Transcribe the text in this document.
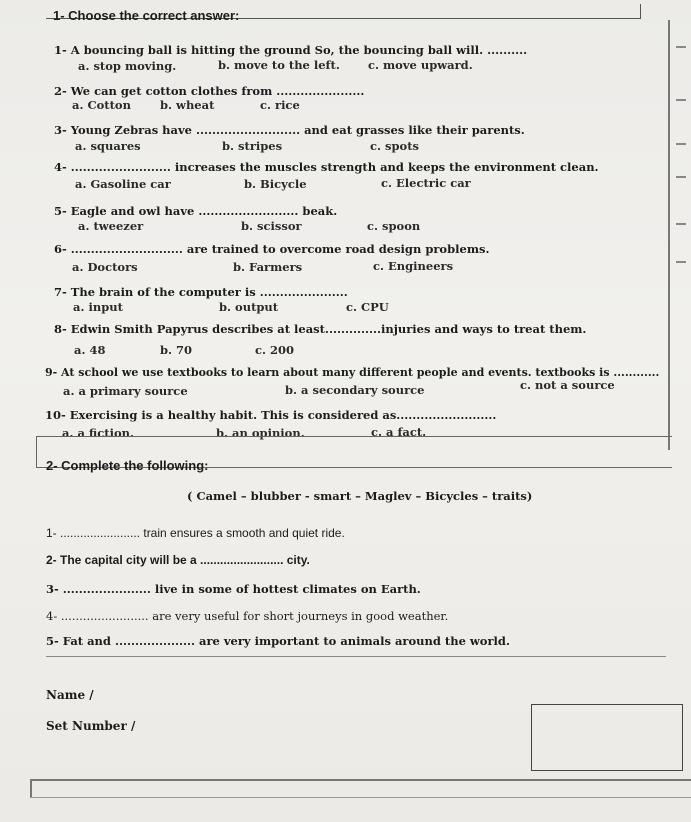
1- Choose the correct answer:
1- A bouncing ball is hitting the ground So, the bouncing ball will. ..........
a. stop moving.	b. move to the left. c. move upward.
2- We can get cotton clothes from ......................
a. Cotton	b. wheat	c. rice
3- Young Zebras have .......................... and eat grasses like their parents.
a. squares	b. stripes	c. spots
4- ......................... increases the muscles strength and keeps the environment clean.
a. Gasoline car	b. Bicycle	c. Electric car
5- Eagle and owl have ......................... beak.
a. tweezer	b. scissor	c. spoon
6- ............................ are trained to overcome road design problems.
a. Doctors	b. Farmers	c. Engineers
7- The brain of the computer is ......................
a. input	b. output	c. CPU
8- Edwin Smith Papyrus describes at least..............injuries and ways to treat them.
a. 48	b. 70	c. 200
9- At school we use textbooks to learn about many different people and events. textbooks is ............
a. a primary source	b. a secondary source	c. not a source
10- Exercising is a healthy habit. This is considered as.........................
a. a fiction.	b. an opinion.	c. a fact.
2- Complete the following:
( Camel – blubber - smart – Maglev – Bicycles – traits)
1- ........................ train ensures a smooth and quiet ride.
2- The capital city will be a ......................... city.
3- ...................... live in some of hottest climates on Earth.
4- ........................ are very useful for short journeys in good weather.
5- Fat and .................... are very important to animals around the world.
Name /
Set Number /
